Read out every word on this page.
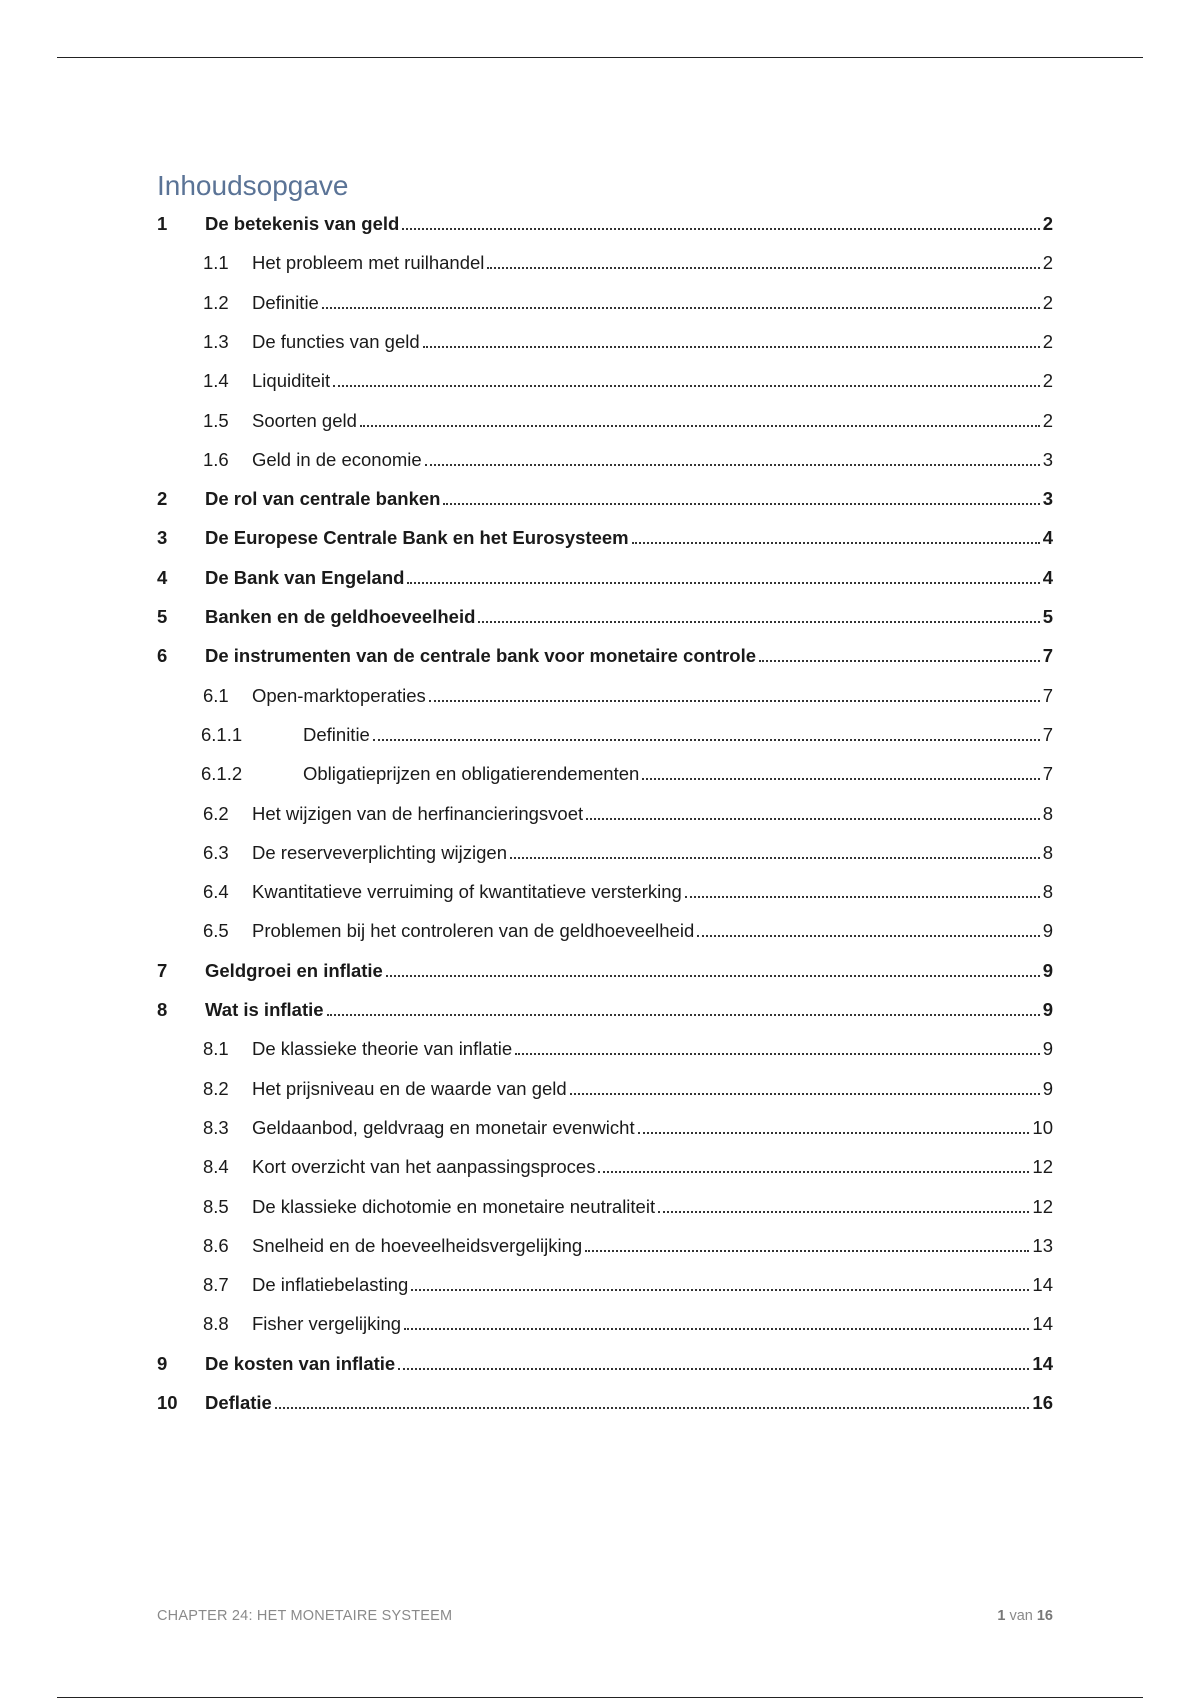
Inhoudsopgave
1	De betekenis van geld	2
1.1	Het probleem met ruilhandel	2
1.2	Definitie	2
1.3	De functies van geld	2
1.4	Liquiditeit	2
1.5	Soorten geld	2
1.6	Geld in de economie	3
2	De rol van centrale banken	3
3	De Europese Centrale Bank en het Eurosysteem	4
4	De Bank van Engeland	4
5	Banken en de geldhoeveelheid	5
6	De instrumenten van de centrale bank voor monetaire controle	7
6.1	Open-marktoperaties	7
6.1.1	Definitie	7
6.1.2	Obligatieprijzen en obligatierendementen	7
6.2	Het wijzigen van de herfinancieringsvoet	8
6.3	De reserveverplichting wijzigen	8
6.4	Kwantitatieve verruiming of kwantitatieve versterking	8
6.5	Problemen bij het controleren van de geldhoeveelheid	9
7	Geldgroei en inflatie	9
8	Wat is inflatie	9
8.1	De klassieke theorie van inflatie	9
8.2	Het prijsniveau en de waarde van geld	9
8.3	Geldaanbod, geldvraag en monetair evenwicht	10
8.4	Kort overzicht van het aanpassingsproces	12
8.5	De klassieke dichotomie en monetaire neutraliteit	12
8.6	Snelheid en de hoeveelheidsvergelijking	13
8.7	De inflatiebelasting	14
8.8	Fisher vergelijking	14
9	De kosten van inflatie	14
10	Deflatie	16
CHAPTER 24: HET MONETAIRE SYSTEEM	1 van 16
